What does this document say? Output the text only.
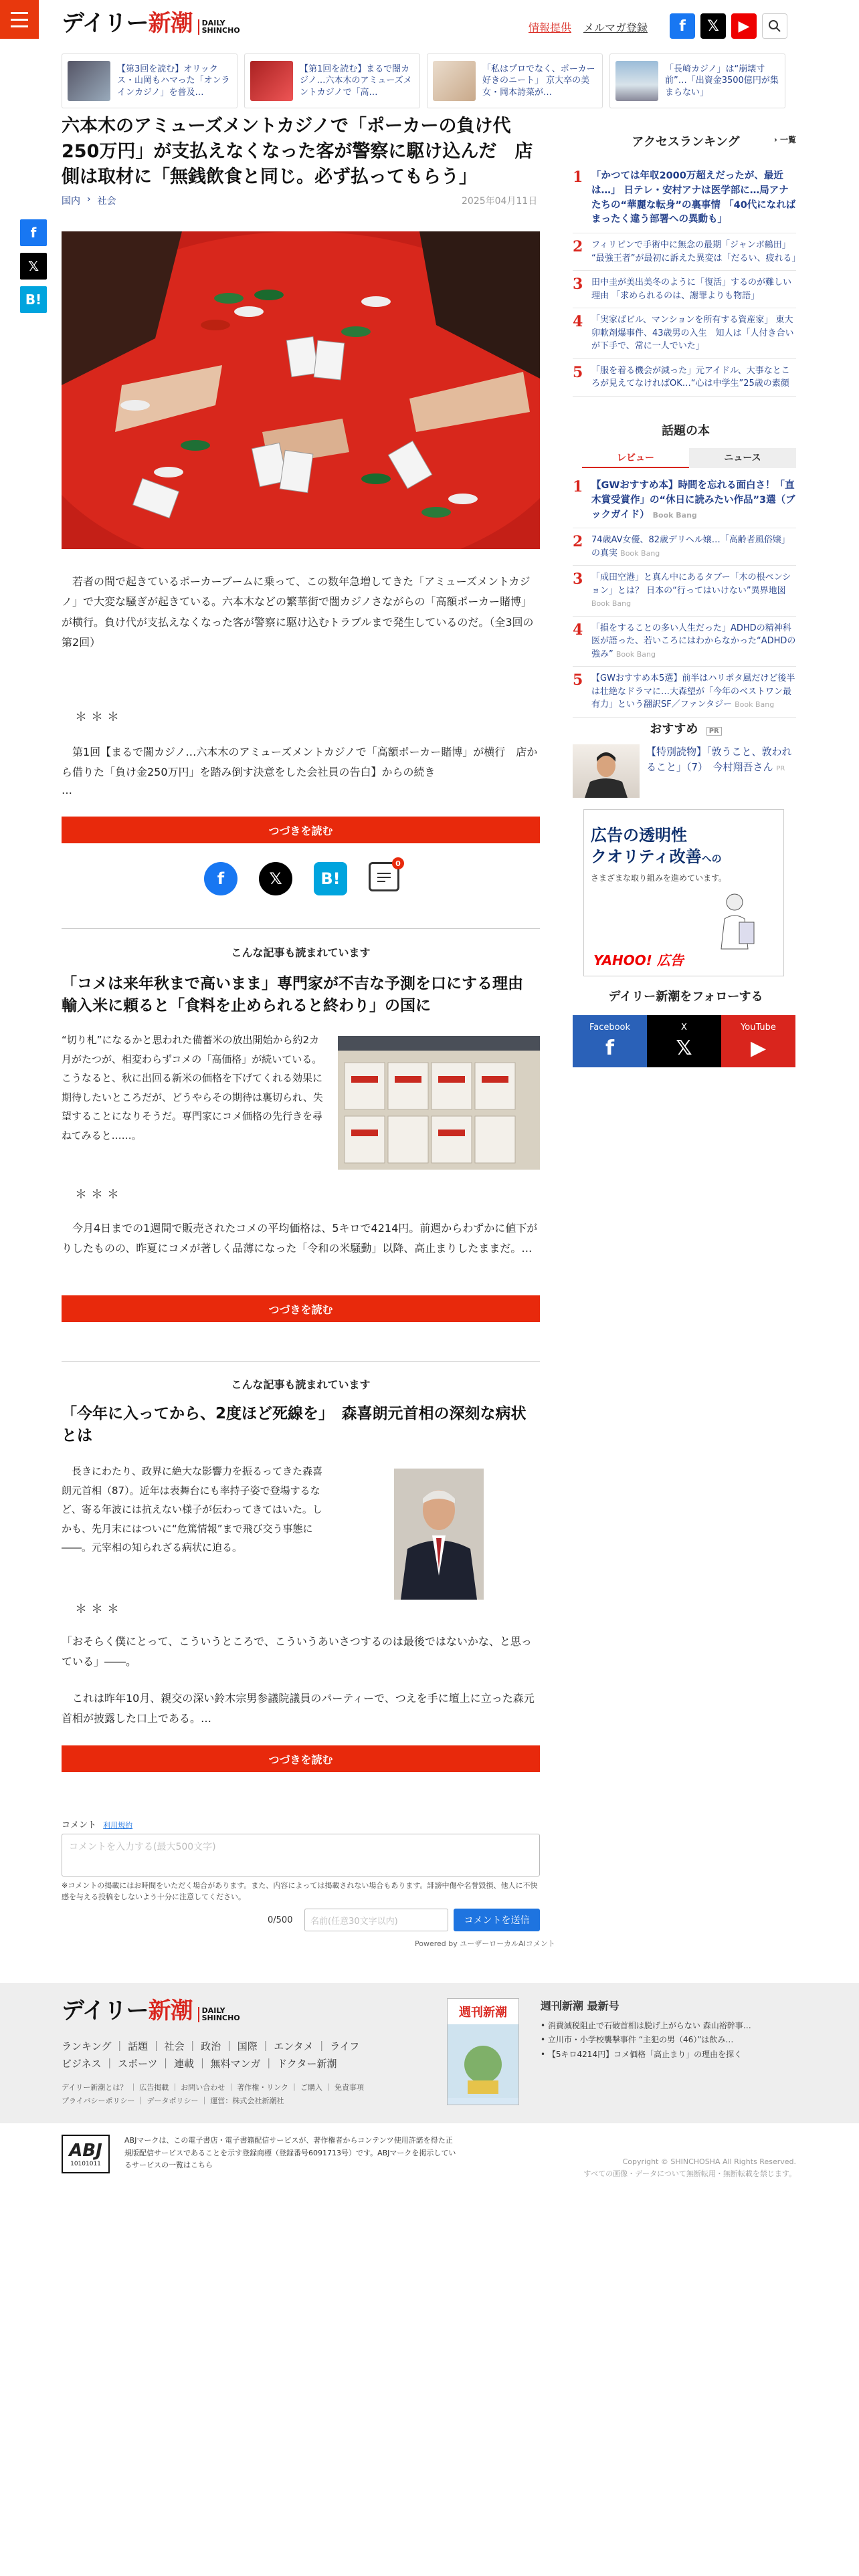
デイリー新潮 DAILY
SHINCHO	情報提供 メルマガ登録	f	𝕏	▶
【第3回を読む】オリックス・山岡もハマった「オンラインカジノ」を普及…
【第1回を読む】まるで闇カジノ…六本木のアミューズメントカジノで「高…
「私はプロでなく、ポーカー好きのニート」 京大卒の美女・岡本詩菜が…
「長崎カジノ」は“崩壊寸前”…「出資金3500億円が集まらない」
六本木のアミューズメントカジノで「ポーカーの負け代250万円」が支払えなくなった客が警察に駆け込んだ　店側は取材に「無銭飲食と同じ。必ず払ってもらう」
国内 › 社会	2025年04月11日
f
𝕏
B!

若者の間で起きているポーカーブームに乗って、この数年急増してきた「アミューズメントカジノ」で大変な騒ぎが起きている。六本木などの繁華街で闇カジノさながらの「高額ポーカー賭博」が横行。負け代が支払えなくなった客が警察に駆け込むトラブルまで発生しているのだ。（全3回の第2回）

＊＊＊

第1回【まるで闇カジノ…六本木のアミューズメントカジノで「高額ポーカー賭博」が横行　店から借りた「負け金250万円」を踏み倒す決意をした会社員の告白】からの続き

…
つづきを読む
f	𝕏	B!
0
こんな記事も読まれています
「コメは来年秋まで高いまま」専門家が不吉な予測を口にする理由　輸入米に頼ると「食料を止められると終わり」の国に

“切り札”になるかと思われた備蓄米の放出開始から約2カ月がたつが、相変わらずコメの「高価格」が続いている。こうなると、秋に出回る新米の価格を下げてくれる効果に期待したいところだが、どうやらその期待は裏切られ、失望することになりそうだ。専門家にコメ価格の先行きを尋ねてみると……。

＊＊＊

今月4日までの1週間で販売されたコメの平均価格は、5キロで4214円。前週からわずかに値下がりしたものの、昨夏にコメが著しく品薄になった「令和の米騒動」以降、高止まりしたままだ。…

つづきを読む
こんな記事も読まれています
「今年に入ってから、2度ほど死線を」　森喜朗元首相の深刻な病状とは

長きにわたり、政界に絶大な影響力を振るってきた森喜朗元首相（87）。近年は表舞台にも率持子姿で登場するなど、寄る年波には抗えない様子が伝わってきてはいた。しかも、先月末にはついに“危篤情報”まで飛び交う事態に――。元宰相の知られざる病状に迫る。

＊＊＊

「おそらく僕にとって、こういうところで、こういうあいさつするのは最後ではないかな、と思っている」――。

これは昨年10月、親交の深い鈴木宗男参議院議員のパーティーで、つえを手に壇上に立った森元首相が披露した口上である。…

つづきを読む
コメント 利用規約
コメントを入力する(最大500文字)

※コメントの掲載にはお時間をいただく場合があります。また、内容によっては掲載されない場合もあります。誹謗中傷や名誉毀損、他人に不快感を与える投稿をしないよう十分に注意してください。

0/500	名前(任意30文字以内)	コメントを送信
Powered by ユーザーローカルAIコメント
アクセスランキング	› 一覧
1 「かつては年収2000万超えだったが、最近は…」 日テレ・安村アナは医学部に…局アナたちの“華麗な転身”の裏事情 「40代になればまったく違う部署への異動も」
2 フィリピンで手術中に無念の最期「ジャンボ鶴田」 “最強王者”が最初に訴えた異変は「だるい、疲れる」
3 田中圭が美出美冬のように「復活」するのが難しい理由 「求められるのは、謝罪よりも物語」
4 「実家ばビル、マンションを所有する資産家」 東大卯軟剤爆事件、43歳男の入生　知人は「人付き合いが下手で、常に一人でいた」
5 「服を着る機会が減った」元アイドル、大事なところが見えてなければOK…“心は中学生”25歳の素顔
話題の本
レビュー	ニュース
1 【GWおすすめ本】時間を忘れる面白さ！「直木賞受賞作」の“休日に読みたい作品”3選（ブックガイド） Book Bang
2 74歳AV女優、82歳デリヘル嬢…「高齢者風俗嬢」の真実 Book Bang
3 「成田空港」と真ん中にあるタブー「木の根ペンション」とは？ 日本の“行ってはいけない”異界地図 Book Bang
4 「損をすることの多い人生だった」ADHDの精神科医が語った、若いころにはわからなかった“ADHDの強み” Book Bang
5 【GWおすすめ本5選】前半はハリポタ風だけど後半は壮絶なドラマに…大森望が「今年のベストワン最有力」という翻訳SF／ファンタジー Book Bang
おすすめ PR
【特別読物】「敦うこと、敦われること」（7）　今村翔吾さん PR
広告の透明性
クオリティ改善への
さまざまな取り組みを進めています。
YAHOO! 広告
デイリー新潮をフォローする
Facebook
f
X
𝕏
YouTube
▶
デイリー新潮 DAILY
SHINCHO
ランキング ｜ 話題 ｜ 社会 ｜ 政治 ｜ 国際 ｜ エンタメ ｜ ライフ
ビジネス ｜ スポーツ ｜ 連載 ｜ 無料マンガ ｜ ドクター新潮
デイリー新潮とは？ ｜ 広告掲載 ｜ お問い合わせ ｜ 著作権・リンク ｜ ご購入 ｜ 免責事項
プライバシーポリシー ｜ データポリシー ｜ 運営：株式会社新潮社
週刊新潮	週刊新潮 最新号
• 消費減税阻止で石破首相は脱げ上がらない 森山裕幹事…
• 立川市・小学校襲撃事件 “主犯の男（46）”は飲み…
• 【5キロ4214円】コメ価格「高止まり」の理由を探く
ABJ
10101011

ABJマークは、この電子書店・電子書籍配信サービスが、著作権者からコンテンツ使用許諾を得た正規版配信サービスであることを示す登録商標（登録番号6091713号）です。ABJマークを掲示しているサービスの一覧はこちら	Copyright © SHINCHOSHA All Rights Reserved.
すべての画像・データについて無断転用・無断転載を禁じます。
